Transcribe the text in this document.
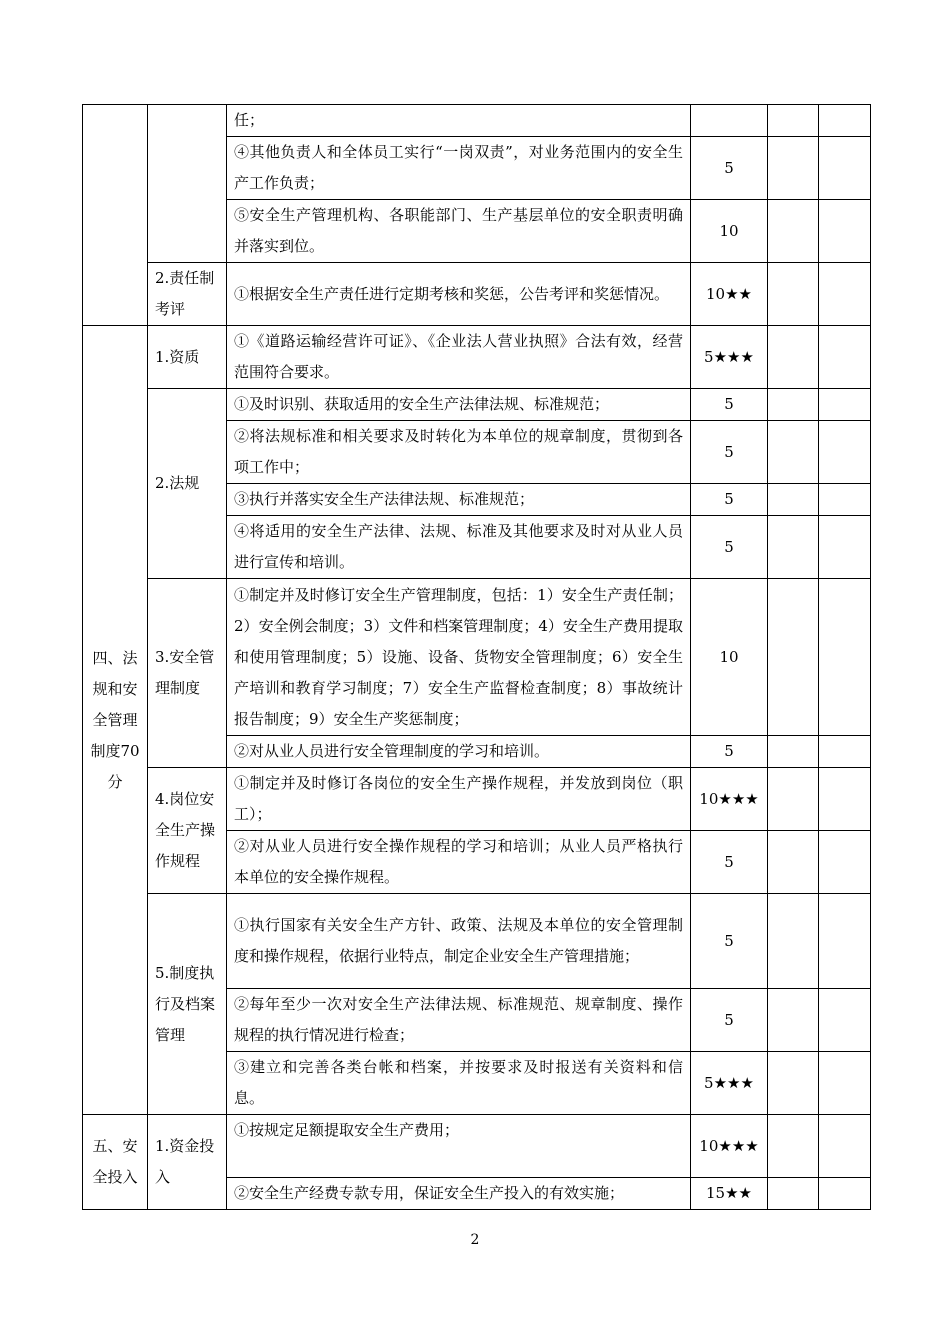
		任；			
		④其他负责人和全体员工实行“一岗双责”，对业务范围内的安全生产工作负责；	5		
		⑤安全生产管理机构、各职能部门、生产基层单位的安全职责明确并落实到位。	10		
	2.责任制考评	①根据安全生产责任进行定期考核和奖惩，公告考评和奖惩情况。	10★★		
四、法规和安全管理制度70 分	1.资质	①《道路运输经营许可证》、《企业法人营业执照》合法有效，经营范围符合要求。	5★★★		
	2.法规	①及时识别、获取适用的安全生产法律法规、标准规范；	5		
		②将法规标准和相关要求及时转化为本单位的规章制度，贯彻到各项工作中；	5		
		③执行并落实安全生产法律法规、标准规范；	5		
		④将适用的安全生产法律、法规、标准及其他要求及时对从业人员进行宣传和培训。	5		
	3.安全管理制度	①制定并及时修订安全生产管理制度，包括：1）安全生产责任制；2）安全例会制度；3）文件和档案管理制度；4）安全生产费用提取和使用管理制度；5）设施、设备、货物安全管理制度；6）安全生产培训和教育学习制度；7）安全生产监督检查制度；8）事故统计报告制度；9）安全生产奖惩制度；	10		
		②对从业人员进行安全管理制度的学习和培训。	5		
	4.岗位安全生产操作规程	①制定并及时修订各岗位的安全生产操作规程，并发放到岗位（职工）；	10★★★		
		②对从业人员进行安全操作规程的学习和培训；从业人员严格执行本单位的安全操作规程。	5		
	5.制度执行及档案管理	①执行国家有关安全生产方针、政策、法规及本单位的安全管理制度和操作规程，依据行业特点，制定企业安全生产管理措施；	5		
		②每年至少一次对安全生产法律法规、标准规范、规章制度、操作规程的执行情况进行检查；	5		
		③建立和完善各类台帐和档案，并按要求及时报送有关资料和信息。	5★★★		
五、安全投入	1.资金投入	①按规定足额提取安全生产费用；	10★★★		
		②安全生产经费专款专用，保证安全生产投入的有效实施；	15★★		
2
